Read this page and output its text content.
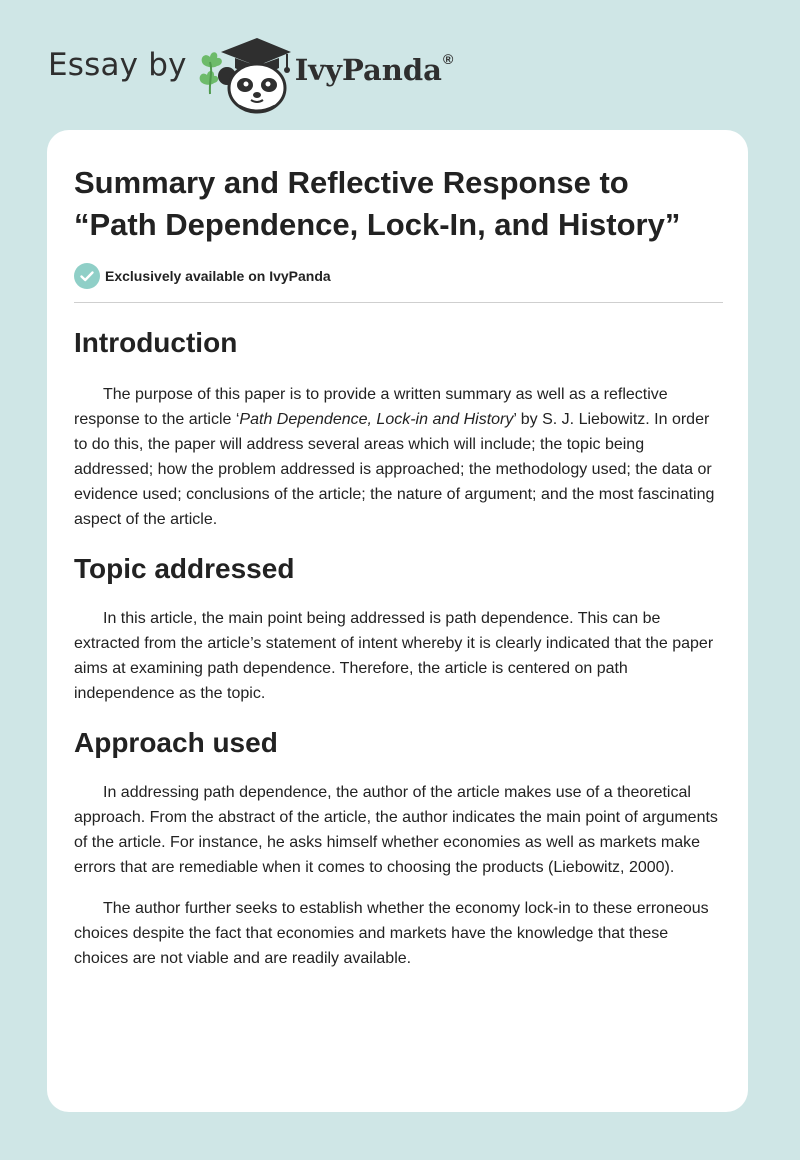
Essay by	IvyPanda®
Summary and Reflective Response to “Path Dependence, Lock-In, and History”
Exclusively available on IvyPanda
Introduction

The purpose of this paper is to provide a written summary as well as a reflective response to the article ‘Path Dependence, Lock-in and History’ by S. J. Liebowitz. In order to do this, the paper will address several areas which will include; the topic being addressed; how the problem addressed is approached; the methodology used; the data or evidence used; conclusions of the article; the nature of argument; and the most fascinating aspect of the article.

Topic addressed

In this article, the main point being addressed is path dependence. This can be extracted from the article’s statement of intent whereby it is clearly indicated that the paper aims at examining path dependence. Therefore, the article is centered on path independence as the topic.

Approach used

In addressing path dependence, the author of the article makes use of a theoretical approach. From the abstract of the article, the author indicates the main point of arguments of the article. For instance, he asks himself whether economies as well as markets make errors that are remediable when it comes to choosing the products (Liebowitz, 2000).

The author further seeks to establish whether the economy lock-in to these erroneous choices despite the fact that economies and markets have the knowledge that these choices are not viable and are readily available.
